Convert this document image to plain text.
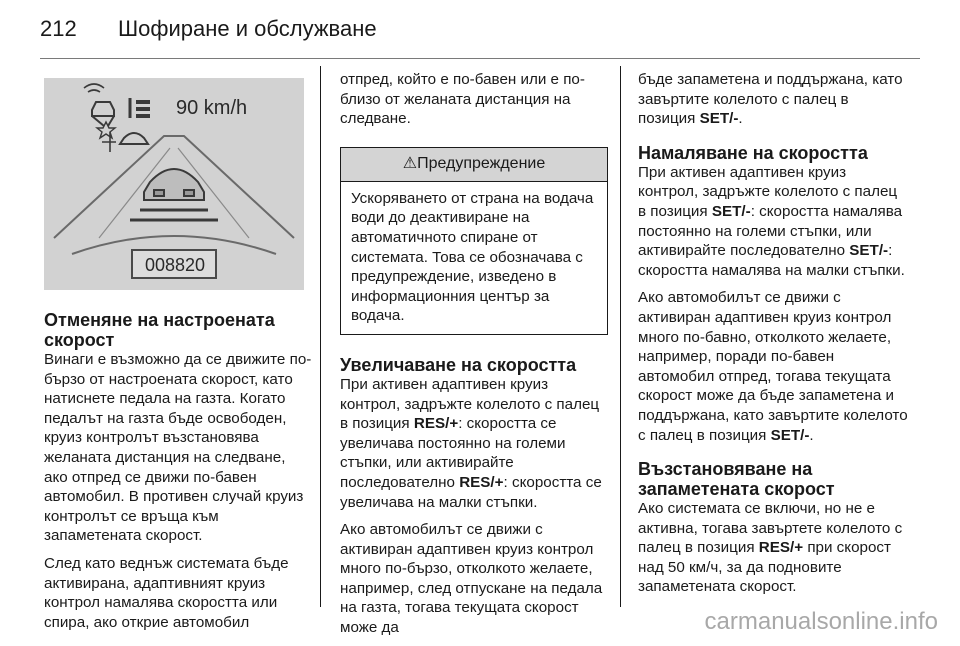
212 Шофиране и обслужване
90 km/h
008820
Отменяне на настроената
скорост

Винаги е възможно да се движите по-бързо от настроената скорост, като натиснете педала на газта. Когато педалът на газта бъде освободен, круиз контролът възстановява желаната дистанция на следване, ако отпред се движи по-бавен автомобил. В противен случай круиз контролът се връща към запаметената скорост.

След като веднъж системата бъде активирана, адаптивният круиз контрол намалява скоростта или спира, ако открие автомобил

отпред, който е по-бавен или е по-близо от желаната дистанция на следване.

⚠Предупреждение
Ускоряването от страна на водача води до деактивиране на автоматичното спиране от системата. Това се обозначава с предупреждение, изведено в информационния център за водача.
Увеличаване на скоростта

При активен адаптивен круиз контрол, задръжте колелото с палец в позиция RES/+: скоростта се увеличава постоянно на големи стъпки, или активирайте последователно RES/+: скоростта се увеличава на малки стъпки.

Ако автомобилът се движи с активиран адаптивен круиз контрол много по-бързо, отколкото желаете, например, след отпускане на педала на газта, тогава текущата скорост може да

бъде запаметена и поддържана, като завъртите колелото с палец в позиция SET/-.

Намаляване на скоростта

При активен адаптивен круиз контрол, задръжте колелото с палец в позиция SET/-: скоростта намалява постоянно на големи стъпки, или активирайте последователно SET/-: скоростта намалява на малки стъпки.

Ако автомобилът се движи с активиран адаптивен круиз контрол много по-бавно, отколкото желаете, например, поради по-бавен автомобил отпред, тогава текущата скорост може да бъде запаметена и поддържана, като завъртите колелото с палец в позиция SET/-.

Възстановяване на
запаметената скорост

Ако системата се включи, но не е активна, тогава завъртете колелото с палец в позиция RES/+ при скорост над 50 км/ч, за да подновите запаметената скорост.

carmanualsonline.info
